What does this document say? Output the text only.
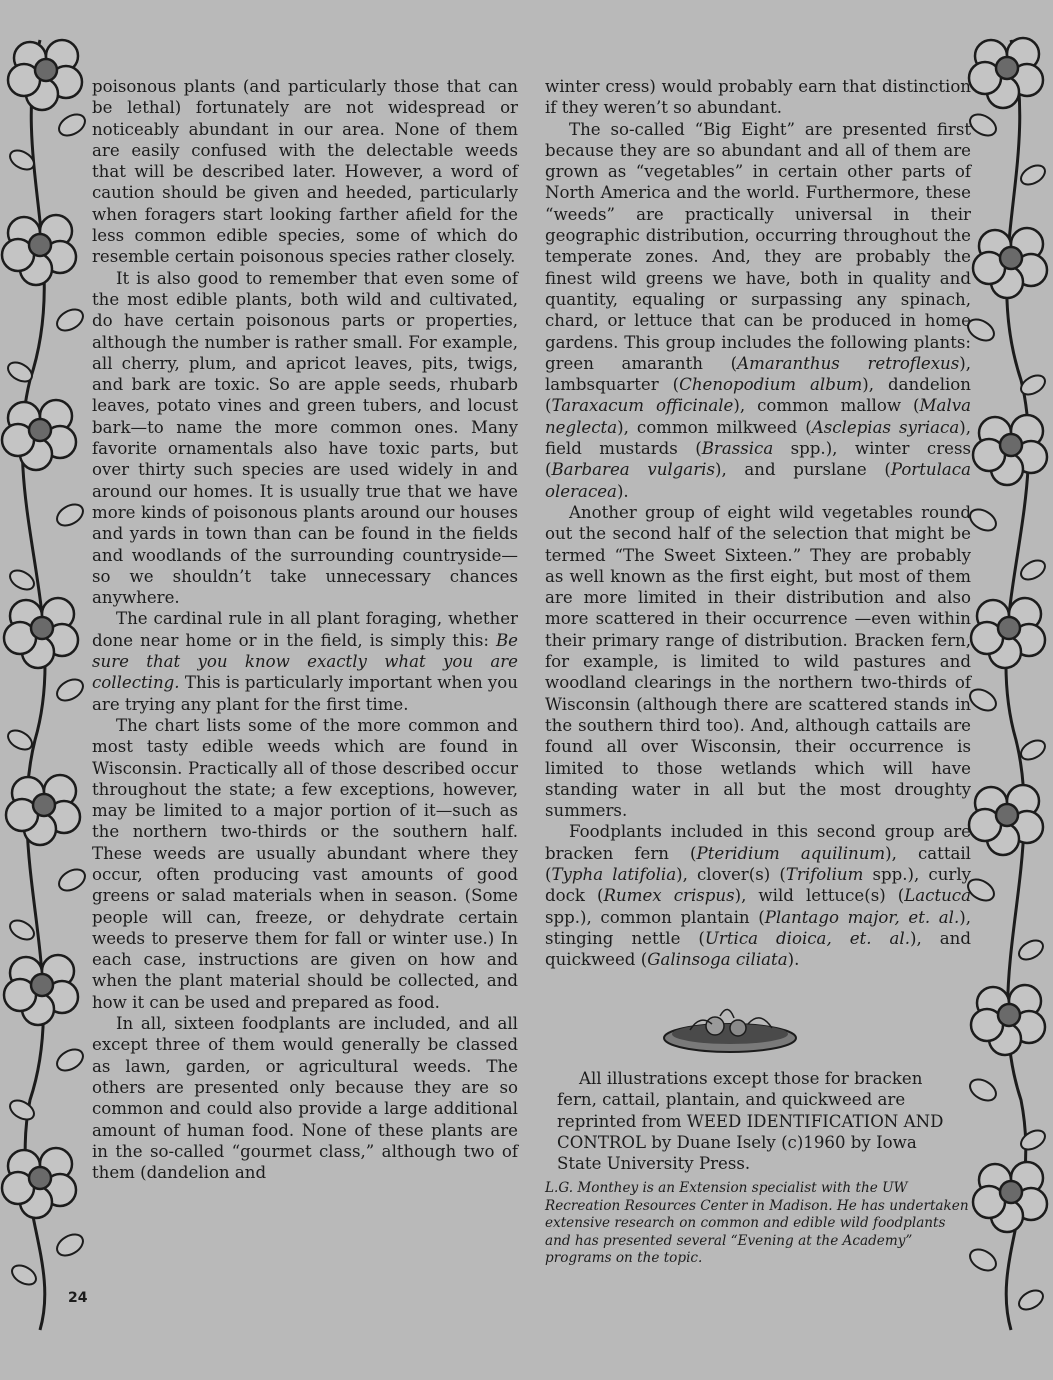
poisonous plants (and particularly those that can be lethal) fortunately are not widespread or noticeably abundant in our area. None of them are easily confused with the delectable weeds that will be described later. However, a word of caution should be given and heeded, particularly when foragers start looking farther afield for the less common edible species, some of which do resemble certain poisonous species rather closely.

It is also good to remember that even some of the most edible plants, both wild and cultivated, do have certain poisonous parts or properties, although the number is rather small. For example, all cherry, plum, and apricot leaves, pits, twigs, and bark are toxic. So are apple seeds, rhubarb leaves, potato vines and green tubers, and locust bark—to name the more common ones. Many favorite ornamentals also have toxic parts, but over thirty such species are used widely in and around our homes. It is usually true that we have more kinds of poisonous plants around our houses and yards in town than can be found in the fields and woodlands of the surrounding countryside—so we shouldn’t take unnecessary chances anywhere.

The cardinal rule in all plant foraging, whether done near home or in the field, is simply this: Be sure that you know exactly what you are collecting. This is particularly important when you are trying any plant for the first time.

The chart lists some of the more common and most tasty edible weeds which are found in Wisconsin. Practically all of those described occur throughout the state; a few exceptions, however, may be limited to a major portion of it—such as the northern two-thirds or the southern half. These weeds are usually abundant where they occur, often producing vast amounts of good greens or salad materials when in season. (Some people will can, freeze, or dehydrate certain weeds to preserve them for fall or winter use.) In each case, instructions are given on how and when the plant material should be collected, and how it can be used and prepared as food.

In all, sixteen foodplants are included, and all except three of them would generally be classed as lawn, garden, or agricultural weeds. The others are presented only because they are so common and could also provide a large additional amount of human food. None of these plants are in the so-called “gourmet class,” although two of them (dandelion and

winter cress) would probably earn that distinction if they weren’t so abundant.

The so-called “Big Eight” are presented first because they are so abundant and all of them are grown as “vegetables” in certain other parts of North America and the world. Furthermore, these “weeds” are practically universal in their geographic distribution, occurring throughout the temperate zones. And, they are probably the finest wild greens we have, both in quality and quantity, equaling or surpassing any spinach, chard, or lettuce that can be produced in home gardens. This group includes the following plants: green amaranth (Amaranthus retroflexus), lambsquarter (Chenopodium album), dandelion (Taraxacum officinale), common mallow (Malva neglecta), common milkweed (Asclepias syriaca), field mustards (Brassica spp.), winter cress (Barbarea vulgaris), and purslane (Portulaca oleracea).

Another group of eight wild vegetables round out the second half of the selection that might be termed “The Sweet Sixteen.” They are probably as well known as the first eight, but most of them are more limited in their distribution and also more scattered in their occurrence —even within their primary range of distribution. Bracken fern, for example, is limited to wild pastures and woodland clearings in the northern two-thirds of Wisconsin (although there are scattered stands in the southern third too). And, although cattails are found all over Wisconsin, their occurrence is limited to those wetlands which will have standing water in all but the most droughty summers.

Foodplants included in this second group are bracken fern (Pteridium aquilinum), cattail (Typha latifolia), clover(s) (Trifolium spp.), curly dock (Rumex crispus), wild lettuce(s) (Lactuca spp.), common plantain (Plantago major, et. al.), stinging nettle (Urtica dioica, et. al.), and quickweed (Galinsoga ciliata).

All illustrations except those for bracken fern, cattail, plantain, and quickweed are reprinted from WEED IDENTIFICATION AND CONTROL by Duane Isely (c)1960 by Iowa State University Press.

L.G. Monthey is an Extension specialist with the UW Recreation Resources Center in Madison. He has undertaken extensive research on common and edible wild foodplants and has presented several “Evening at the Academy” programs on the topic.

24
